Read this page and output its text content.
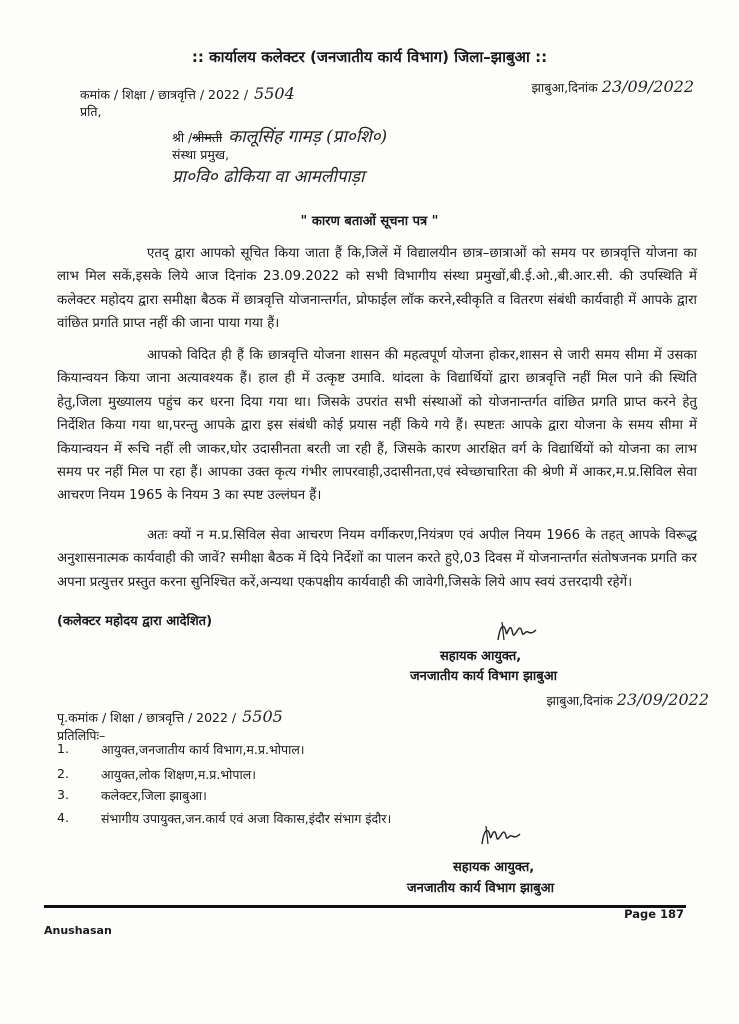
:: कार्यालय कलेक्टर (जनजातीय कार्य विभाग) जिला–झाबुआ ::
कमांक / शिक्षा / छात्रवृत्ति / 2022 / 5504	झाबुआ,दिनांक 23/09/2022
प्रति,
श्री /श्रीमती कालूसिंह गामड़ (प्रा०शि०)
संस्था प्रमुख,
प्रा०वि० ढोकिया वा आमलीपाड़ा
" कारण बताओं सूचना पत्र "
एतद् द्वारा आपको सूचित किया जाता हैं कि,जिलें में विद्यालयीन छात्र–छात्राओं को समय पर छात्रवृत्ति योजना का लाभ मिल सकें,इसके लिये आज दिनांक 23.09.2022 को सभी विभागीय संस्था प्रमुखों,बी.ई.ओ.,बी.आर.सी. की उपस्थिति में कलेक्टर महोदय द्वारा समीक्षा बैठक में छात्रवृत्ति योजनान्तर्गत, प्रोफाईल लॉक करने,स्वीकृति व वितरण संबंधी कार्यवाही में आपके द्वारा वांछित प्रगति प्राप्त नहीं की जाना पाया गया हैं।
आपको विदित ही हैं कि छात्रवृत्ति योजना शासन की महत्वपूर्ण योजना होकर,शासन से जारी समय सीमा में उसका कियान्वयन किया जाना अत्यावश्यक हैं। हाल ही में उत्कृष्ट उमावि. थांदला के विद्यार्थियों द्वारा छात्रवृत्ति नहीं मिल पाने की स्थिति हेतु,जिला मुख्यालय पहुंच कर धरना दिया गया था। जिसके उपरांत सभी संस्थाओं को योजनान्तर्गत वांछित प्रगति प्राप्त करने हेतु निर्देशित किया गया था,परन्तु आपके द्वारा इस संबंधी कोई प्रयास नहीं किये गये हैं। स्पष्टतः आपके द्वारा योजना के समय सीमा में कियान्वयन में रूचि नहीं ली जाकर,घोर उदासीनता बरती जा रही हैं, जिसके कारण आरक्षित वर्ग के विद्यार्थियों को योजना का लाभ समय पर नहीं मिल पा रहा हैं। आपका उक्त कृत्य गंभीर लापरवाही,उदासीनता,एवं स्वेच्छाचारिता की श्रेणी में आकर,म.प्र.सिविल सेवा आचरण नियम 1965 के नियम 3 का स्पष्ट उल्लंघन हैं।
अतः क्यों न म.प्र.सिविल सेवा आचरण नियम वर्गीकरण,नियंत्रण एवं अपील नियम 1966 के तहत् आपके विरूद्ध अनुशासनात्मक कार्यवाही की जावें? समीक्षा बैठक में दिये निर्देशों का पालन करते हुऐ,03 दिवस में योजनान्तर्गत संतोषजनक प्रगति कर अपना प्रत्युत्तर प्रस्तुत करना सुनिश्चित करें,अन्यथा एकपक्षीय कार्यवाही की जावेगी,जिसके लिये आप स्वयं उत्तरदायी रहेगें।
(कलेक्टर महोदय द्वारा आदेशित)
सहायक आयुक्त,
जनजातीय कार्य विभाग झाबुआ
पृ.कमांक / शिक्षा / छात्रवृत्ति / 2022 / 5505
झाबुआ,दिनांक 23/09/2022
प्रतिलिपिः–
1.	आयुक्त,जनजातीय कार्य विभाग,म.प्र.भोपाल।
2.	आयुक्त,लोक शिक्षण,म.प्र.भोपाल।
3.	कलेक्टर,जिला झाबुआ।
4.	संभागीय उपायुक्त,जन.कार्य एवं अजा विकास,इंदौर संभाग इंदौर।
सहायक आयुक्त,
जनजातीय कार्य विभाग झाबुआ
Page 187
Anushasan
